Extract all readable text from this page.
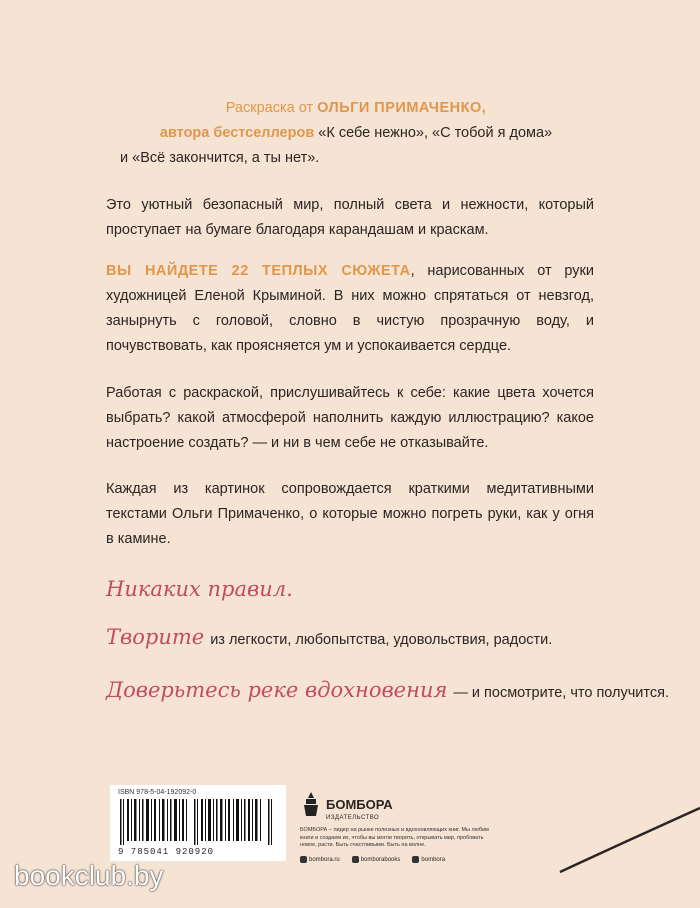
Раскраска от ОЛЬГИ ПРИМАЧЕНКО,

автора бестселлеров «К себе нежно», «С тобой я дома»

и «Всё закончится, а ты нет».

Это уютный безопасный мир, полный света и нежности, который проступает на бумаге благодаря карандашам и краскам.

ВЫ НАЙДЕТЕ 22 ТЕПЛЫХ СЮЖЕТА, нарисованных от руки художницей Еленой Крыминой. В них можно спрятаться от невзгод, занырнуть с головой, словно в чистую прозрачную воду, и почувствовать, как проясняется ум и успокаивается сердце.

Работая с раскраской, прислушивайтесь к себе: какие цвета хочется выбрать? какой атмосферой наполнить каждую иллюстрацию? какое настроение создать? — и ни в чем себе не отказывайте.

Каждая из картинок сопровождается краткими медитативными текстами Ольги Примаченко, о которые можно погреть руки, как у огня в камине.

Никаких правил.
Творите из легкости, любопытства, удовольствия, радости.
Доверьтесь реке вдохновения — и посмотрите, что получится.
ISBN 978-5-04-192092-0
9 785041 920920
БОМБОРА
ИЗДАТЕЛЬСТВО
БОМБОРА – лидер на рынке полезных и вдохновляющих книг. Мы любим книги и создаем их, чтобы вы могли творить, открывать мир, пробовать новое, расти. Быть счастливыми. Быть на волне.
bombora.ru	bomborabooks	bombora
bookclub.by
